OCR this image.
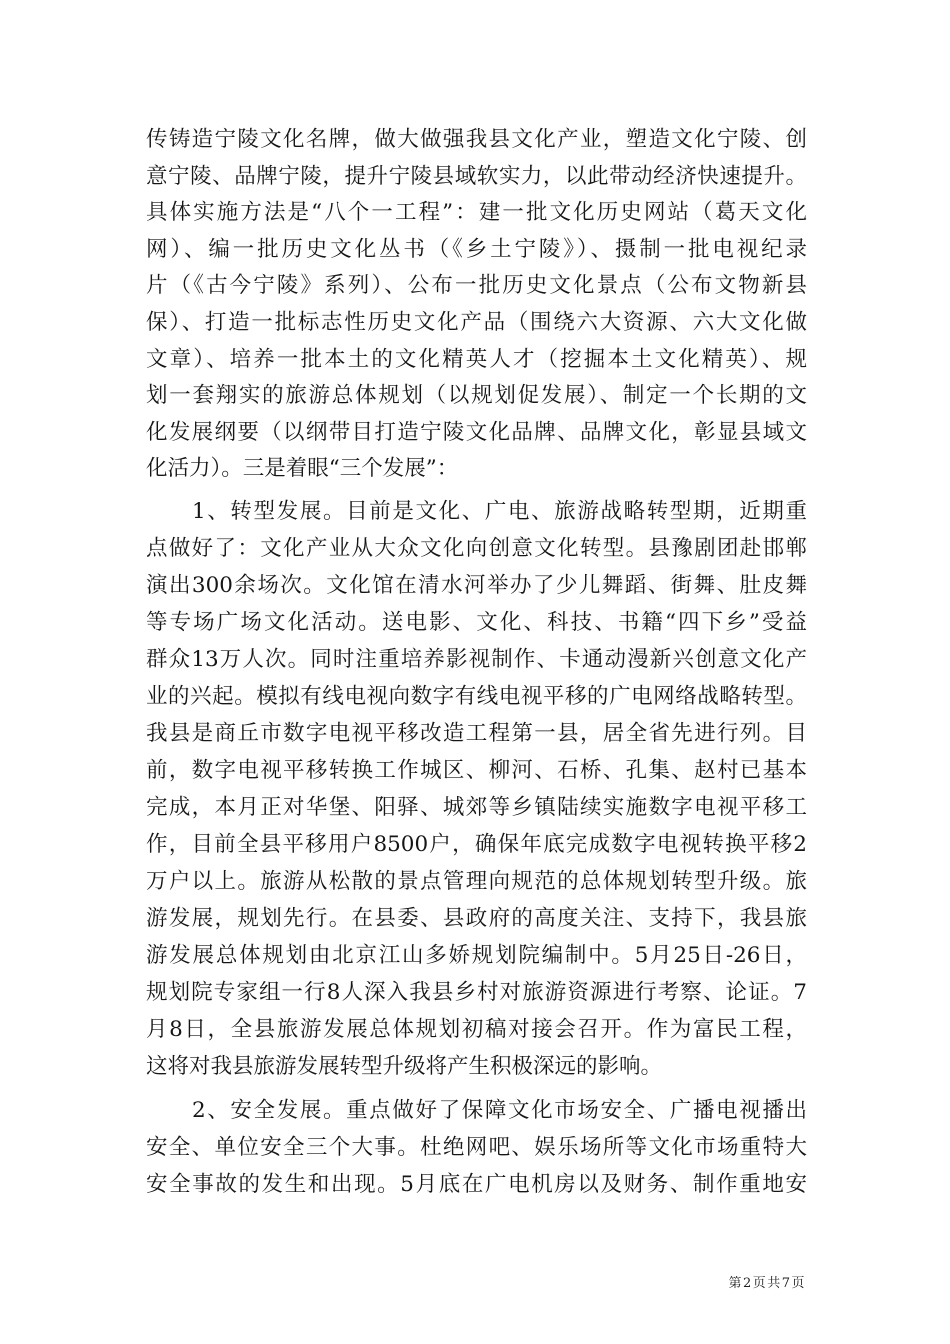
传铸造宁陵文化名牌，做大做强我县文化产业，塑造文化宁陵、创
意宁陵、品牌宁陵，提升宁陵县域软实力，以此带动经济快速提升。
具体实施方法是“八个一工程”：建一批文化历史网站（葛天文化
网）、编一批历史文化丛书（《乡土宁陵》）、摄制一批电视纪录
片（《古今宁陵》系列）、公布一批历史文化景点（公布文物新县
保）、打造一批标志性历史文化产品（围绕六大资源、六大文化做
文章）、培养一批本土的文化精英人才（挖掘本土文化精英）、规
划一套翔实的旅游总体规划（以规划促发展）、制定一个长期的文
化发展纲要（以纲带目打造宁陵文化品牌、品牌文化，彰显县域文
化活力）。三是着眼“三个发展”：
1、转型发展。目前是文化、广电、旅游战略转型期，近期重
点做好了：文化产业从大众文化向创意文化转型。县豫剧团赴邯郸
演出300余场次。文化馆在清水河举办了少儿舞蹈、街舞、肚皮舞
等专场广场文化活动。送电影、文化、科技、书籍“四下乡”受益
群众13万人次。同时注重培养影视制作、卡通动漫新兴创意文化产
业的兴起。模拟有线电视向数字有线电视平移的广电网络战略转型。
我县是商丘市数字电视平移改造工程第一县，居全省先进行列。目
前，数字电视平移转换工作城区、柳河、石桥、孔集、赵村已基本
完成，本月正对华堡、阳驿、城郊等乡镇陆续实施数字电视平移工
作，目前全县平移用户8500户，确保年底完成数字电视转换平移2
万户以上。旅游从松散的景点管理向规范的总体规划转型升级。旅
游发展，规划先行。在县委、县政府的高度关注、支持下，我县旅
游发展总体规划由北京江山多娇规划院编制中。5月25日-26日，
规划院专家组一行8人深入我县乡村对旅游资源进行考察、论证。7
月8日，全县旅游发展总体规划初稿对接会召开。作为富民工程，
这将对我县旅游发展转型升级将产生积极深远的影响。
2、安全发展。重点做好了保障文化市场安全、广播电视播出
安全、单位安全三个大事。杜绝网吧、娱乐场所等文化市场重特大
安全事故的发生和出现。5月底在广电机房以及财务、制作重地安
第2页共7页
